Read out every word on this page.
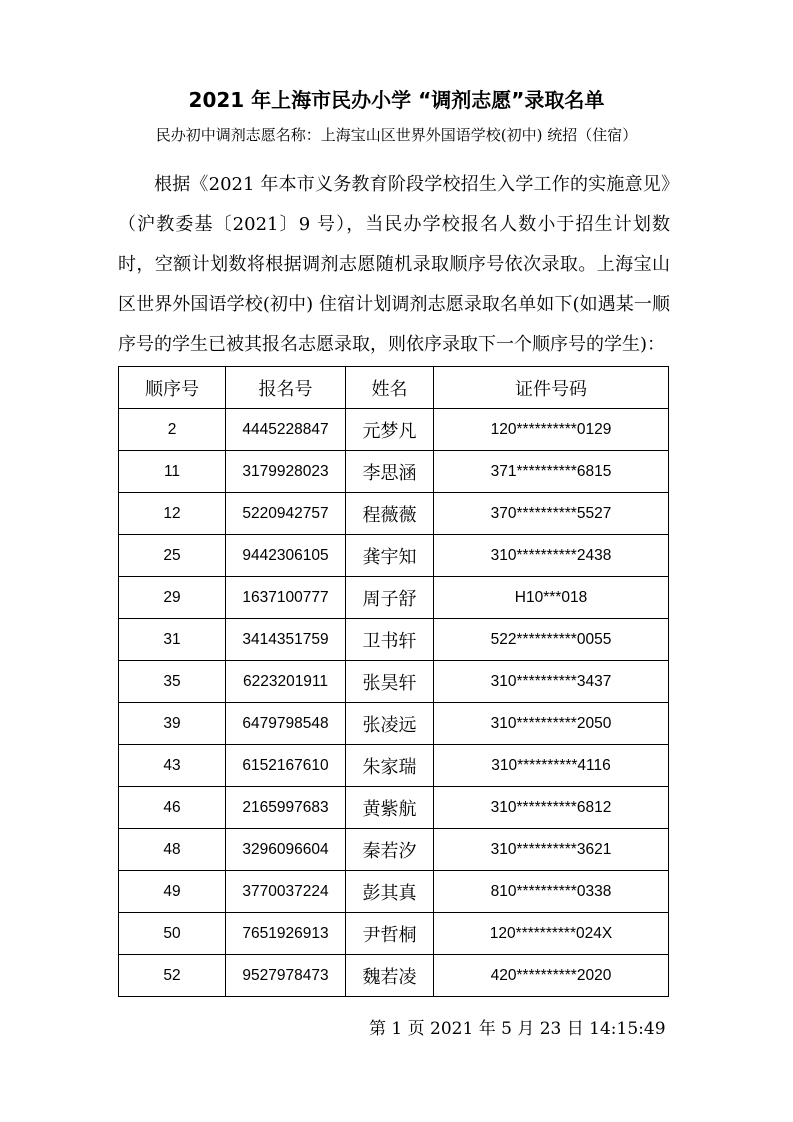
2021 年上海市民办小学 “调剂志愿”录取名单
民办初中调剂志愿名称：上海宝山区世界外国语学校(初中) 统招（住宿）
根据《2021 年本市义务教育阶段学校招生入学工作的实施意见》（沪教委基〔2021〕9 号），当民办学校报名人数小于招生计划数时，空额计划数将根据调剂志愿随机录取顺序号依次录取。上海宝山区世界外国语学校(初中) 住宿计划调剂志愿录取名单如下(如遇某一顺序号的学生已被其报名志愿录取，则依序录取下一个顺序号的学生)：
顺序号	报名号	姓名	证件号码
2	4445228847	元梦凡	120**********0129
11	3179928023	李思涵	371**********6815
12	5220942757	程薇薇	370**********5527
25	9442306105	龚宇知	310**********2438
29	1637100777	周子舒	H10***018
31	3414351759	卫书轩	522**********0055
35	6223201911	张昊轩	310**********3437
39	6479798548	张凌远	310**********2050
43	6152167610	朱家瑞	310**********4116
46	2165997683	黄紫航	310**********6812
48	3296096604	秦若汐	310**********3621
49	3770037224	彭其真	810**********0338
50	7651926913	尹哲桐	120**********024X
52	9527978473	魏若凌	420**********2020
第 1 页 2021 年 5 月 23 日 14:15:49
